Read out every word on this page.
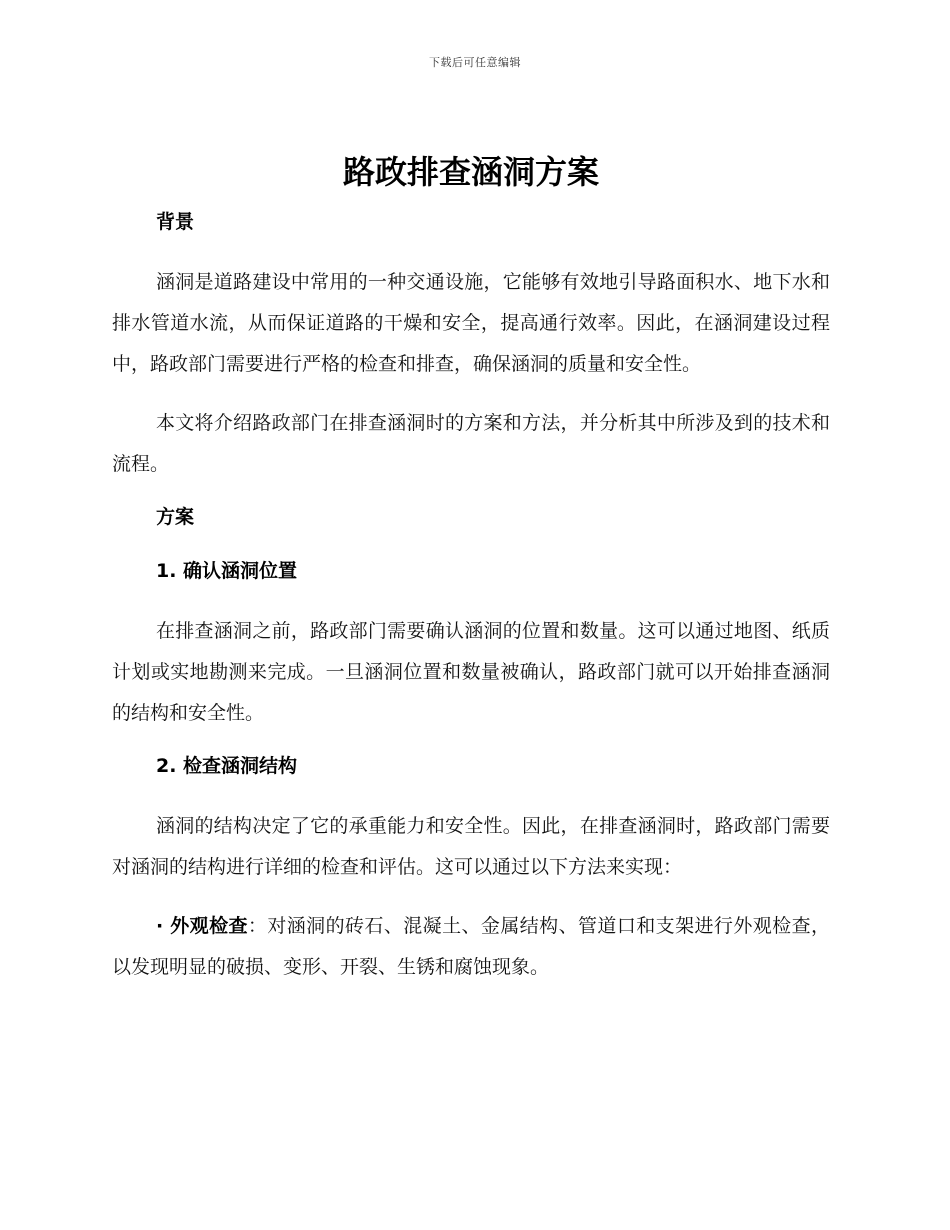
下载后可任意编辑
路政排查涵洞方案
背景

涵洞是道路建设中常用的一种交通设施，它能够有效地引导路面积水、地下水和排水管道水流，从而保证道路的干燥和安全，提高通行效率。因此，在涵洞建设过程中，路政部门需要进行严格的检查和排查，确保涵洞的质量和安全性。

本文将介绍路政部门在排查涵洞时的方案和方法，并分析其中所涉及到的技术和流程。

方案
1. 确认涵洞位置

在排查涵洞之前，路政部门需要确认涵洞的位置和数量。这可以通过地图、纸质计划或实地勘测来完成。一旦涵洞位置和数量被确认，路政部门就可以开始排查涵洞的结构和安全性。

2. 检查涵洞结构

涵洞的结构决定了它的承重能力和安全性。因此，在排查涵洞时，路政部门需要对涵洞的结构进行详细的检查和评估。这可以通过以下方法来实现：

· 外观检查：对涵洞的砖石、混凝土、金属结构、管道口和支架进行外观检查，以发现明显的破损、变形、开裂、生锈和腐蚀现象。
